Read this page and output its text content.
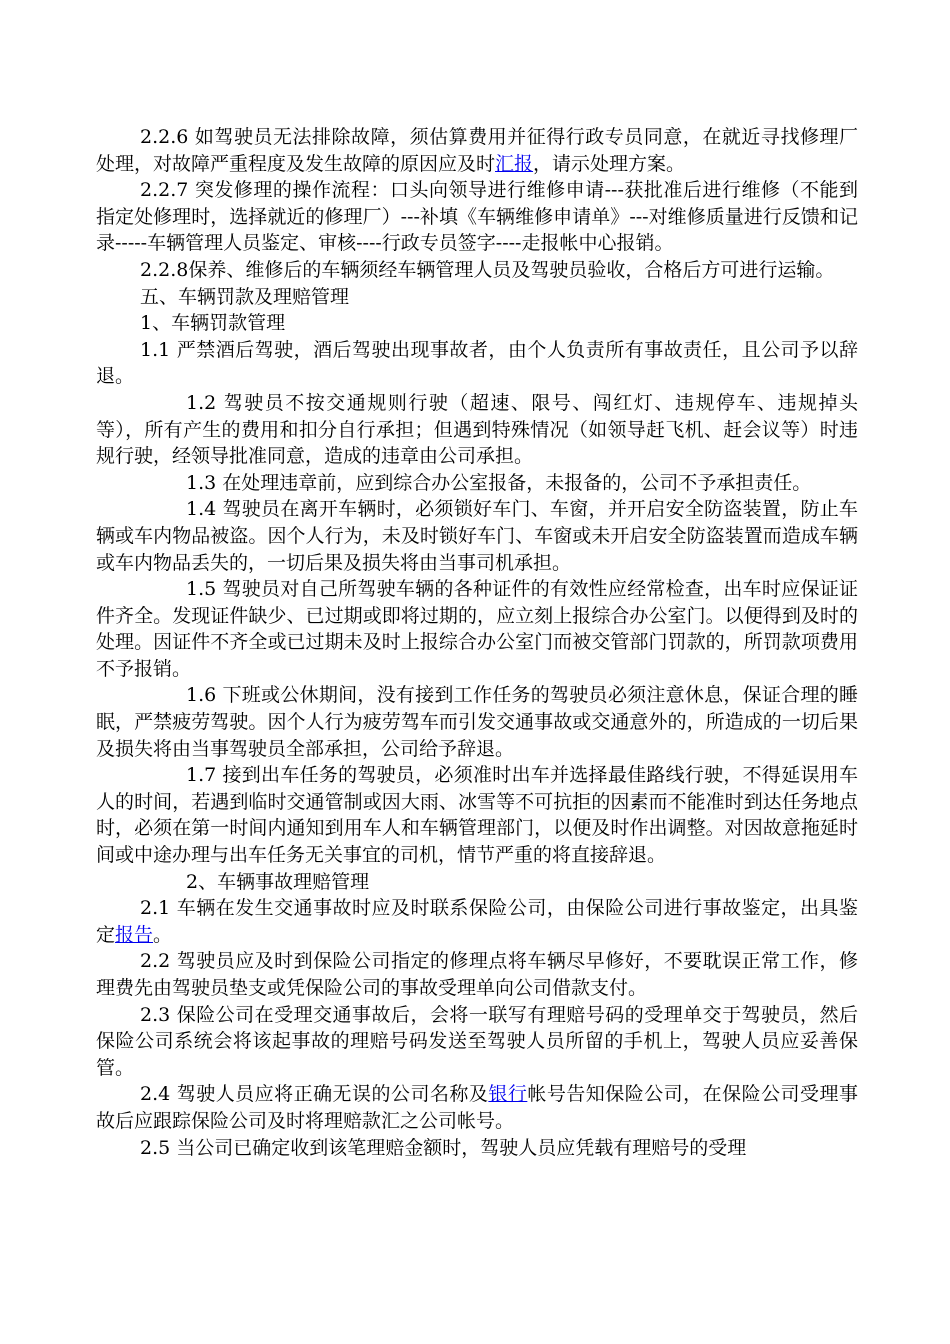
2.2.6 如驾驶员无法排除故障，须估算费用并征得行政专员同意，在就近寻找修理厂处理，对故障严重程度及发生故障的原因应及时汇报，请示处理方案。

2.2.7 突发修理的操作流程：口头向领导进行维修申请---获批准后进行维修（不能到指定处修理时，选择就近的修理厂）---补填《车辆维修申请单》---对维修质量进行反馈和记录-----车辆管理人员鉴定、审核----行政专员签字----走报帐中心报销。

2.2.8保养、维修后的车辆须经车辆管理人员及驾驶员验收，合格后方可进行运输。

五、车辆罚款及理赔管理

1、车辆罚款管理

1.1 严禁酒后驾驶，酒后驾驶出现事故者，由个人负责所有事故责任，且公司予以辞退。

1.2 驾驶员不按交通规则行驶（超速、限号、闯红灯、违规停车、违规掉头等），所有产生的费用和扣分自行承担；但遇到特殊情况（如领导赶飞机、赶会议等）时违规行驶，经领导批准同意，造成的违章由公司承担。

1.3 在处理违章前，应到综合办公室报备，未报备的，公司不予承担责任。

1.4 驾驶员在离开车辆时，必须锁好车门、车窗，并开启安全防盗装置，防止车辆或车内物品被盗。因个人行为，未及时锁好车门、车窗或未开启安全防盗装置而造成车辆或车内物品丢失的，一切后果及损失将由当事司机承担。

1.5 驾驶员对自己所驾驶车辆的各种证件的有效性应经常检查，出车时应保证证件齐全。发现证件缺少、已过期或即将过期的，应立刻上报综合办公室门。以便得到及时的处理。因证件不齐全或已过期未及时上报综合办公室门而被交管部门罚款的，所罚款项费用不予报销。

1.6 下班或公休期间，没有接到工作任务的驾驶员必须注意休息，保证合理的睡眠，严禁疲劳驾驶。因个人行为疲劳驾车而引发交通事故或交通意外的，所造成的一切后果及损失将由当事驾驶员全部承担，公司给予辞退。

1.7 接到出车任务的驾驶员，必须准时出车并选择最佳路线行驶，不得延误用车人的时间，若遇到临时交通管制或因大雨、冰雪等不可抗拒的因素而不能准时到达任务地点时，必须在第一时间内通知到用车人和车辆管理部门，以便及时作出调整。对因故意拖延时间或中途办理与出车任务无关事宜的司机，情节严重的将直接辞退。

2、车辆事故理赔管理

2.1 车辆在发生交通事故时应及时联系保险公司，由保险公司进行事故鉴定，出具鉴定报告。

2.2 驾驶员应及时到保险公司指定的修理点将车辆尽早修好，不要耽误正常工作，修理费先由驾驶员垫支或凭保险公司的事故受理单向公司借款支付。

2.3 保险公司在受理交通事故后，会将一联写有理赔号码的受理单交于驾驶员，然后保险公司系统会将该起事故的理赔号码发送至驾驶人员所留的手机上，驾驶人员应妥善保管。

2.4 驾驶人员应将正确无误的公司名称及银行帐号告知保险公司，在保险公司受理事故后应跟踪保险公司及时将理赔款汇之公司帐号。

2.5 当公司已确定收到该笔理赔金额时，驾驶人员应凭载有理赔号的受理
